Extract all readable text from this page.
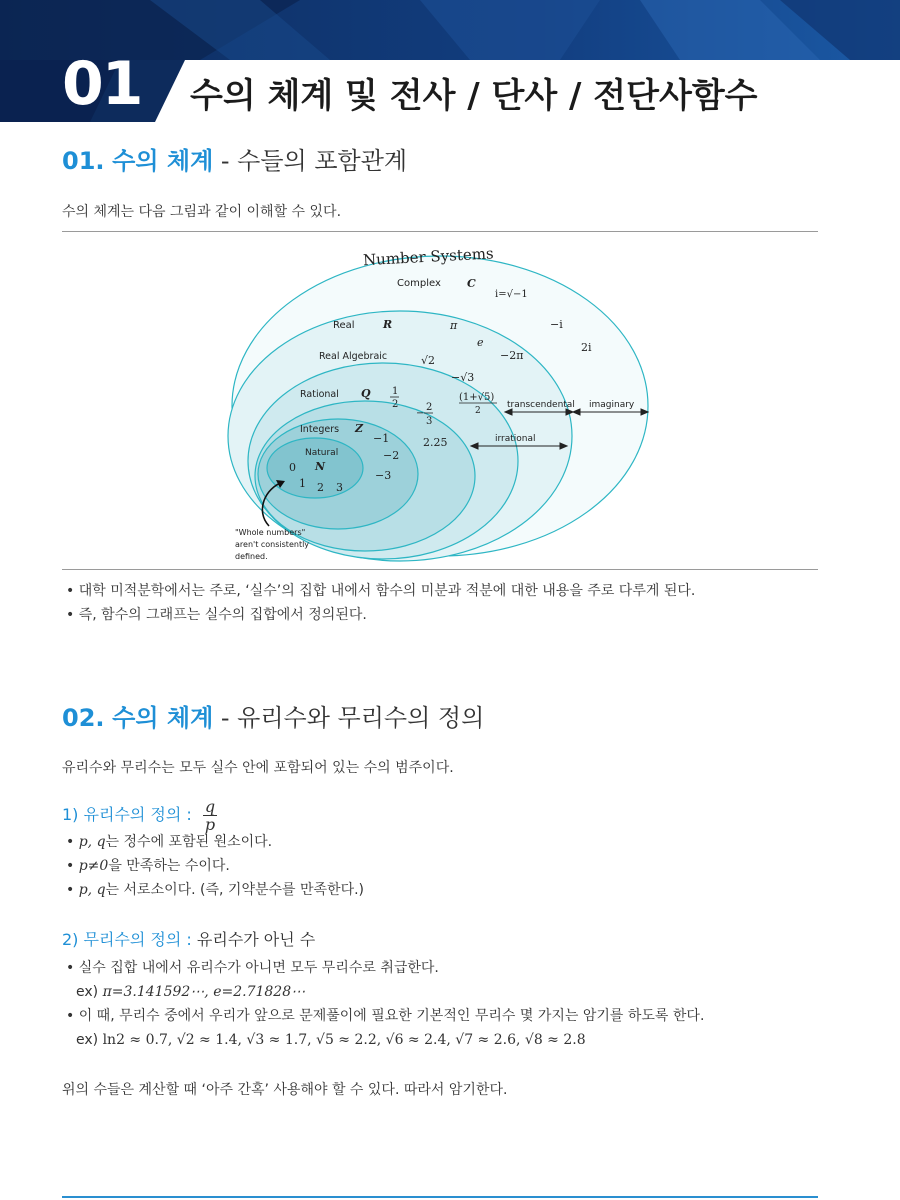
01 수의 체계 및 전사 / 단사 / 전단사함수
01. 수의 체계 - 수들의 포함관계
수의 체계는 다음 그림과 같이 이해할 수 있다.
Number Systems
Complex
Real
Real Algebraic
Rational
Integers
Natural
transcendental imaginary
irrational
"Whole numbers"
aren't consistently
defined.
C
i=√−1
R	π
e
−2π
−i
2i
√2
−√3
(1+√5)
2
Q 1
2
−
2
3
Z
−1	2.25
−2
−3
N
0
1 2 3
• 대학 미적분학에서는 주로, ‘실수’의 집합 내에서 함수의 미분과 적분에 대한 내용을 주로 다루게 된다.
• 즉, 함수의 그래프는 실수의 집합에서 정의된다.
02. 수의 체계 - 유리수와 무리수의 정의
유리수와 무리수는 모두 실수 안에 포함되어 있는 수의 범주이다.
1) 유리수의 정의 : $\frac{q}{p}$
• p, q는 정수에 포함된 원소이다.
• p≠0을 만족하는 수이다.
• p, q는 서로소이다. (즉, 기약분수를 만족한다.)
2) 무리수의 정의 : 유리수가 아닌 수
• 실수 집합 내에서 유리수가 아니면 모두 무리수로 취급한다.
ex) π=3.141592⋯, e=2.71828⋯
• 이 때, 무리수 중에서 우리가 앞으로 문제풀이에 필요한 기본적인 무리수 몇 가지는 암기를 하도록 한다.
ex) ln2 ≈ 0.7, √2 ≈ 1.4, √3 ≈ 1.7, √5 ≈ 2.2, √6 ≈ 2.4, √7 ≈ 2.6, √8 ≈ 2.8
위의 수들은 계산할 때 ‘아주 간혹’ 사용해야 할 수 있다. 따라서 암기한다.
